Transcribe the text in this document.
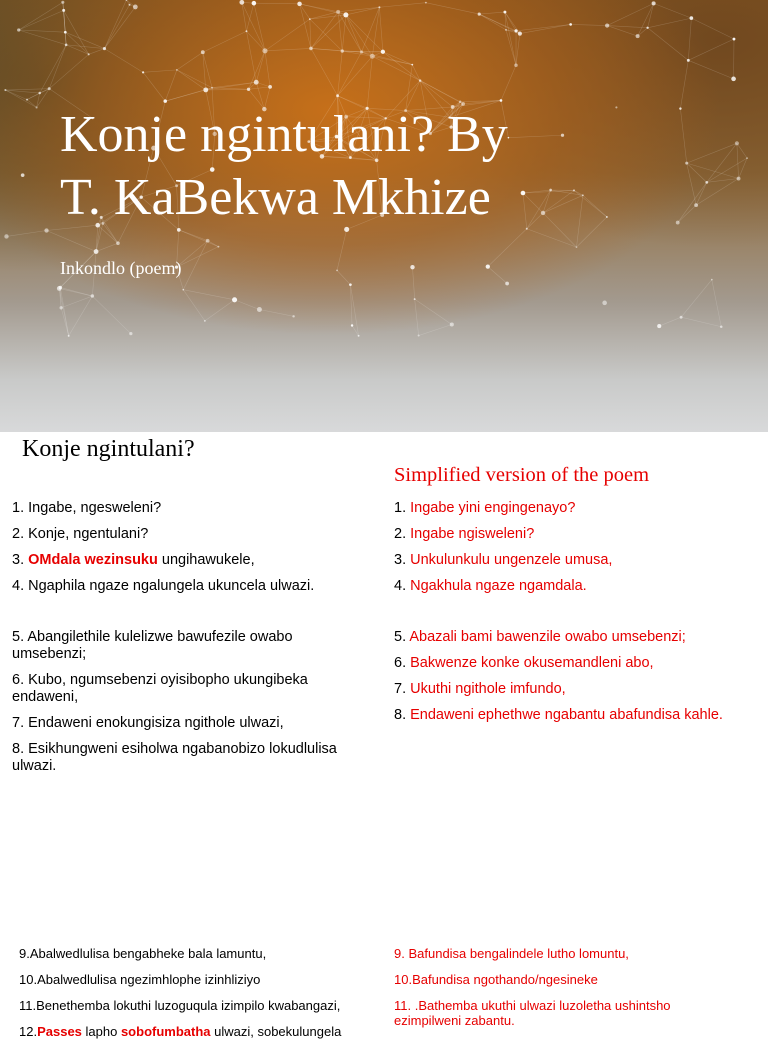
Konje ngintulani? By
T. KaBekwa Mkhize
Inkondlo (poem)
Konje ngintulani?
1. Ingabe, ngesweleni?
2. Konje, ngentulani?
3. OMdala wezinsuku ungihawukele,
4. Ngaphila ngaze ngalungela ukuncela ulwazi.
5. Abangilethile kulelizwe bawufezile owabo umsebenzi;
6. Kubo, ngumsebenzi oyisibopho ukungibeka endaweni,
7. Endaweni enokungisiza ngithole ulwazi,
8. Esikhungweni esiholwa ngabanobizo lokudlulisa ulwazi.
Simplified version of the poem
1. Ingabe yini engingenayo?
2. Ingabe ngisweleni?
3. Unkulunkulu ungenzele umusa,
4. Ngakhula ngaze ngamdala.
5. Abazali bami bawenzile owabo umsebenzi;
6. Bakwenze konke okusemandleni abo,
7. Ukuthi ngithole imfundo,
8. Endaweni ephethwe ngabantu abafundisa kahle.
9.Abalwedlulisa bengabheke bala lamuntu,
10.Abalwedlulisa ngezimhlophe izinhliziyo
11.Benethemba lokuthi luzoguqula izimpilo kwabangazi,
12.Passes lapho sobofumbatha ulwazi, sobekulungela
9. Bafundisa bengalindele lutho lomuntu,
10.Bafundisa ngothando/ngesineke
11. .Bathemba ukuthi ulwazi luzoletha ushintsho ezimpilweni zabantu.
